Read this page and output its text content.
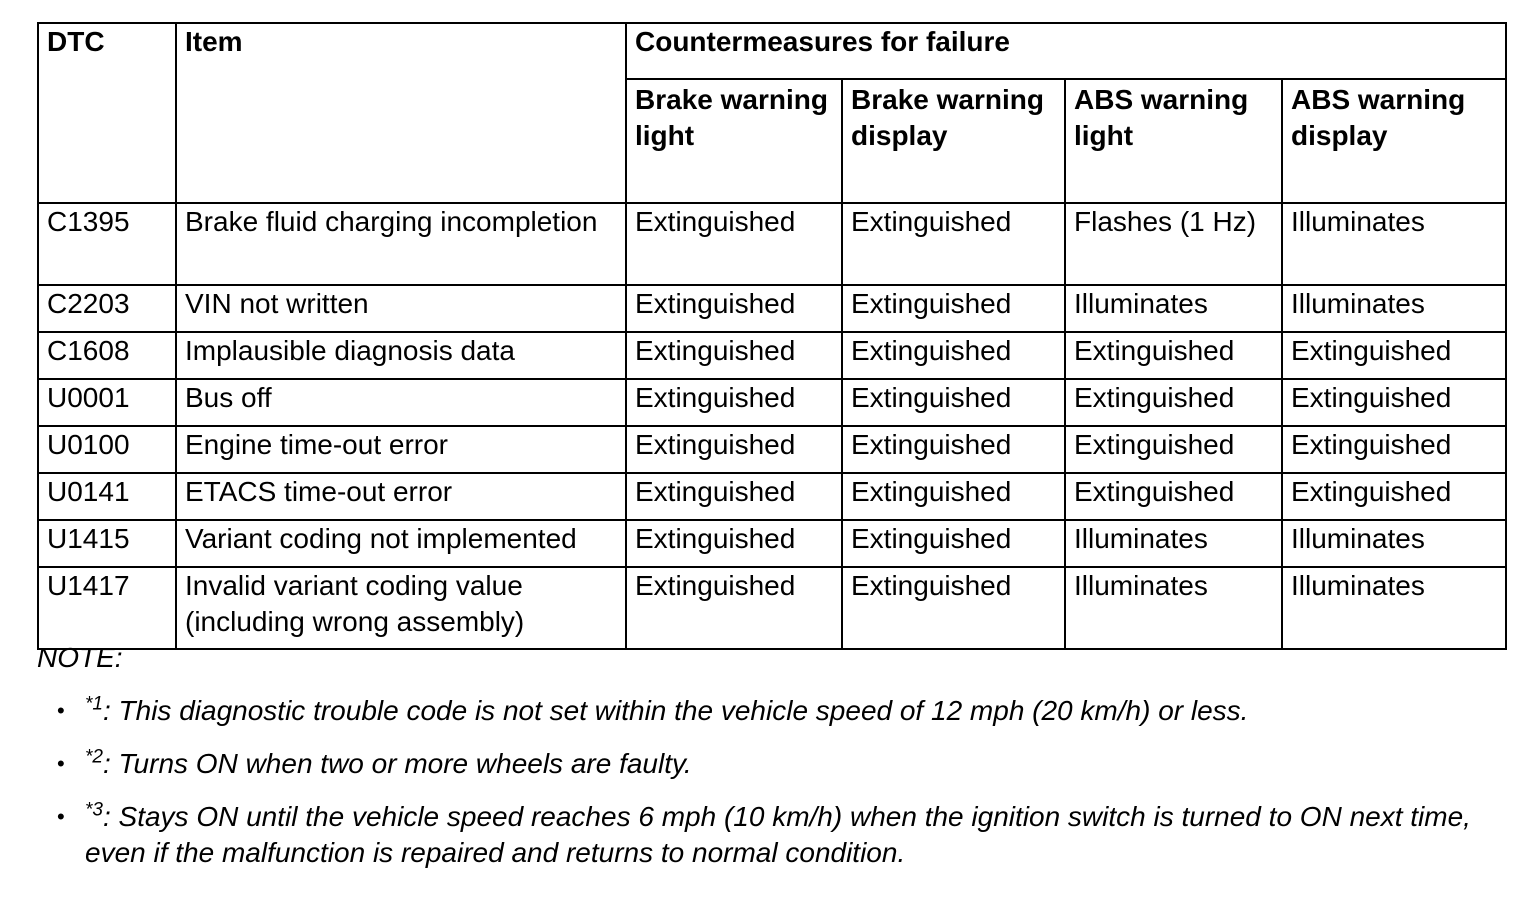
DTC	Item	Countermeasures for failure			
		Brake warning light	Brake warning display	ABS warning light	ABS warning display
C1395	Brake fluid charging incompletion	Extinguished	Extinguished	Flashes (1 Hz)	Illuminates
C2203	VIN not written	Extinguished	Extinguished	Illuminates	Illuminates
C1608	Implausible diagnosis data	Extinguished	Extinguished	Extinguished	Extinguished
U0001	Bus off	Extinguished	Extinguished	Extinguished	Extinguished
U0100	Engine time-out error	Extinguished	Extinguished	Extinguished	Extinguished
U0141	ETACS time-out error	Extinguished	Extinguished	Extinguished	Extinguished
U1415	Variant coding not implemented	Extinguished	Extinguished	Illuminates	Illuminates
U1417	Invalid variant coding value (including wrong assembly)	Extinguished	Extinguished	Illuminates	Illuminates

NOTE:

• $^{*1}$: This diagnostic trouble code is not set within the vehicle speed of 12 mph (20 km/h) or less.
• $^{*2}$: Turns ON when two or more wheels are faulty.
• $^{*3}$: Stays ON until the vehicle speed reaches 6 mph (10 km/h) when the ignition switch is turned to ON next time, even if the malfunction is repaired and returns to normal condition.
